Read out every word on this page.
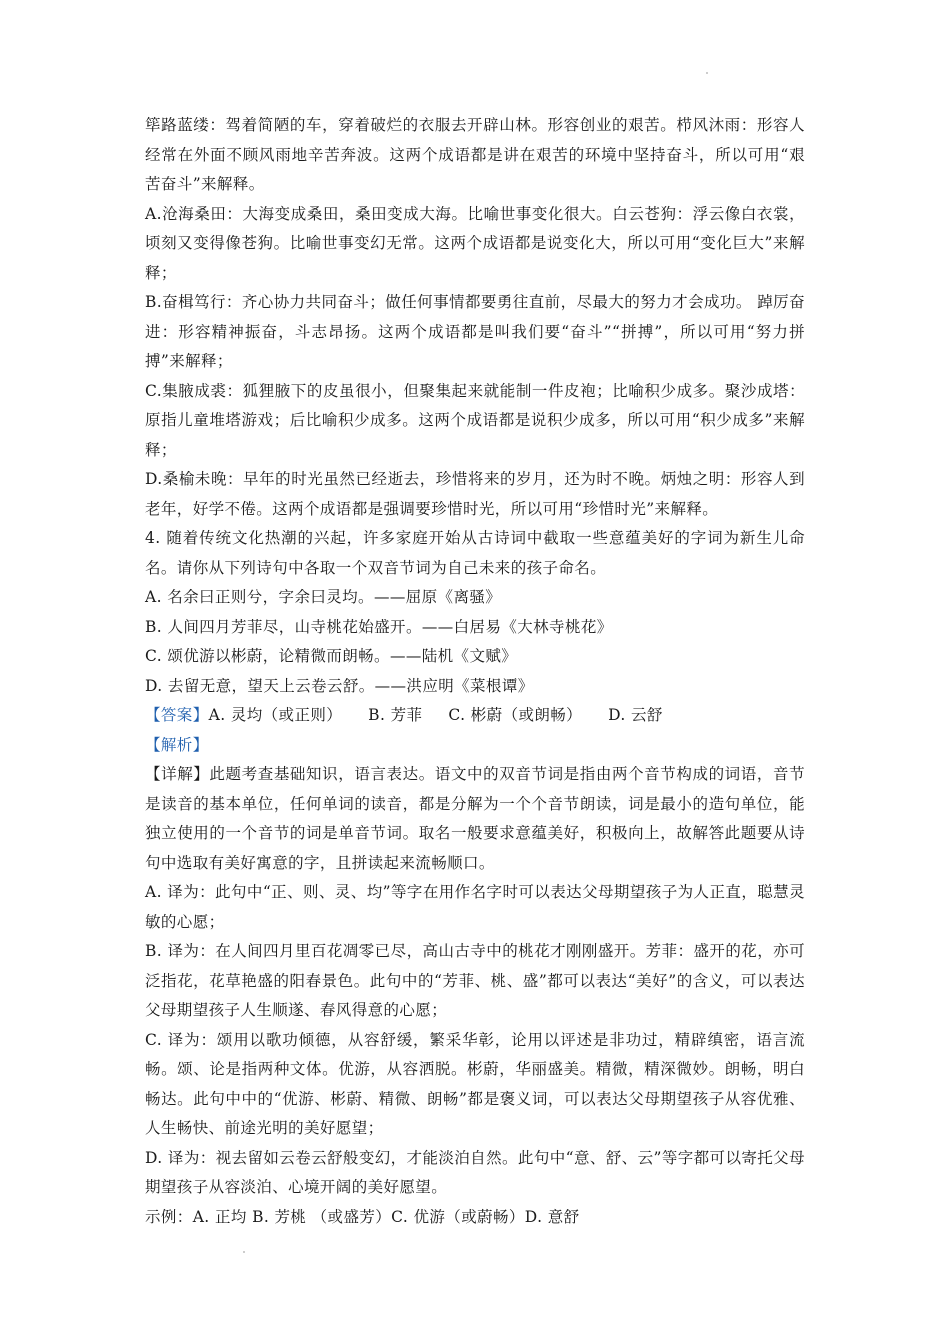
筚路蓝缕：驾着简陋的车，穿着破烂的衣服去开辟山林。形容创业的艰苦。栉风沐雨：形容人经常在外面不顾风雨地辛苦奔波。这两个成语都是讲在艰苦的环境中坚持奋斗，所以可用“艰苦奋斗”来解释。

A.沧海桑田：大海变成桑田，桑田变成大海。比喻世事变化很大。白云苍狗：浮云像白衣裳，顷刻又变得像苍狗。比喻世事变幻无常。这两个成语都是说变化大，所以可用“变化巨大”来解释；

B.奋楫笃行：齐心协力共同奋斗；做任何事情都要勇往直前，尽最大的努力才会成功。 踔厉奋进：形容精神振奋，斗志昂扬。这两个成语都是叫我们要“奋斗”“拼搏”，所以可用“努力拼搏”来解释；

C.集腋成裘：狐狸腋下的皮虽很小，但聚集起来就能制一件皮袍；比喻积少成多。聚沙成塔：原指儿童堆塔游戏；后比喻积少成多。这两个成语都是说积少成多，所以可用“积少成多”来解释；

D.桑榆未晚：早年的时光虽然已经逝去，珍惜将来的岁月，还为时不晚。炳烛之明：形容人到老年，好学不倦。这两个成语都是强调要珍惜时光，所以可用“珍惜时光”来解释。

4. 随着传统文化热潮的兴起，许多家庭开始从古诗词中截取一些意蕴美好的字词为新生儿命名。请你从下列诗句中各取一个双音节词为自己未来的孩子命名。

A. 名余曰正则兮，字余曰灵均。——屈原《离骚》

B. 人间四月芳菲尽，山寺桃花始盛开。——白居易《大林寺桃花》

C. 颂优游以彬蔚，论精微而朗畅。——陆机《文赋》

D. 去留无意，望天上云卷云舒。——洪应明《菜根谭》

【答案】A. 灵均（或正则） B. 芳菲 C. 彬蔚（或朗畅） D. 云舒

【解析】

【详解】此题考查基础知识，语言表达。语文中的双音节词是指由两个音节构成的词语，音节是读音的基本单位，任何单词的读音，都是分解为一个个音节朗读，词是最小的造句单位，能独立使用的一个音节的词是单音节词。取名一般要求意蕴美好，积极向上，故解答此题要从诗句中选取有美好寓意的字，且拼读起来流畅顺口。

A. 译为：此句中“正、则、灵、均”等字在用作名字时可以表达父母期望孩子为人正直，聪慧灵敏的心愿；

B. 译为：在人间四月里百花凋零已尽，高山古寺中的桃花才刚刚盛开。芳菲：盛开的花，亦可泛指花，花草艳盛的阳春景色。此句中的“芳菲、桃、盛”都可以表达“美好”的含义，可以表达父母期望孩子人生顺遂、春风得意的心愿；

C. 译为：颂用以歌功倾德，从容舒缓，繁采华彰，论用以评述是非功过，精辟缜密，语言流畅。颂、论是指两种文体。优游，从容洒脱。彬蔚，华丽盛美。精微，精深微妙。朗畅，明白畅达。此句中中的“优游、彬蔚、精微、朗畅”都是褒义词，可以表达父母期望孩子从容优雅、人生畅快、前途光明的美好愿望；

D. 译为：视去留如云卷云舒般变幻，才能淡泊自然。此句中“意、舒、云”等字都可以寄托父母期望孩子从容淡泊、心境开阔的美好愿望。

示例：A. 正均 B. 芳桃 （或盛芳）C. 优游（或蔚畅）D. 意舒
